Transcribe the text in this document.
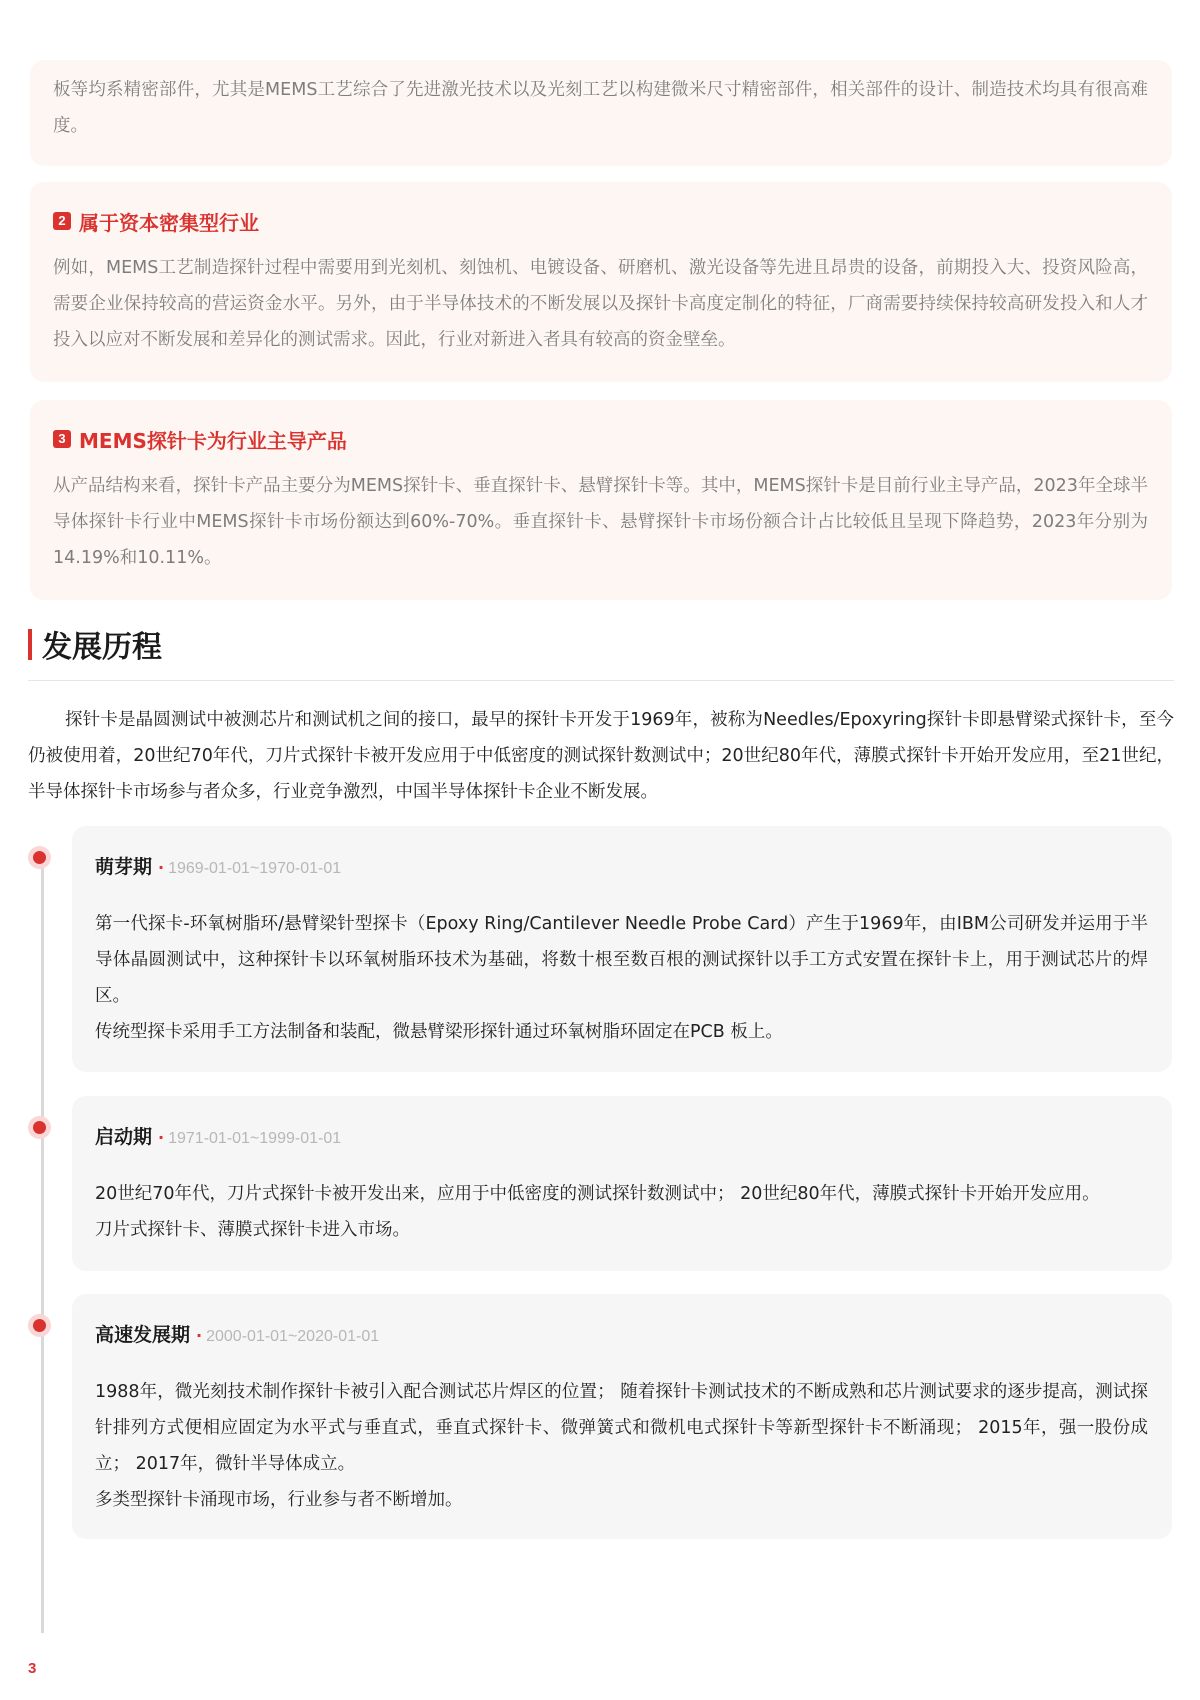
板等均系精密部件，尤其是MEMS工艺综合了先进激光技术以及光刻工艺以构建微米尺寸精密部件，相关部件的设计、制造技术均具有很高难度。
2 属于资本密集型行业
例如，MEMS工艺制造探针过程中需要用到光刻机、刻蚀机、电镀设备、研磨机、激光设备等先进且昂贵的设备，前期投入大、投资风险高，需要企业保持较高的营运资金水平。另外，由于半导体技术的不断发展以及探针卡高度定制化的特征，厂商需要持续保持较高研发投入和人才投入以应对不断发展和差异化的测试需求。因此，行业对新进入者具有较高的资金壁垒。
3 MEMS探针卡为行业主导产品
从产品结构来看，探针卡产品主要分为MEMS探针卡、垂直探针卡、悬臂探针卡等。其中，MEMS探针卡是目前行业主导产品，2023年全球半导体探针卡行业中MEMS探针卡市场份额达到60%-70%。垂直探针卡、悬臂探针卡市场份额合计占比较低且呈现下降趋势，2023年分别为14.19%和10.11%。
发展历程
探针卡是晶圆测试中被测芯片和测试机之间的接口，最早的探针卡开发于1969年，被称为Needles/Epoxyring探针卡即悬臂梁式探针卡，至今仍被使用着，20世纪70年代，刀片式探针卡被开发应用于中低密度的测试探针数测试中；20世纪80年代，薄膜式探针卡开始开发应用，至21世纪，半导体探针卡市场参与者众多，行业竞争激烈，中国半导体探针卡企业不断发展。
萌芽期 · 1969-01-01~1970-01-01

第一代探卡-环氧树脂环/悬臂梁针型探卡（Epoxy Ring/Cantilever Needle Probe Card）产生于1969年，由IBM公司研发并运用于半导体晶圆测试中，这种探针卡以环氧树脂环技术为基础，将数十根至数百根的测试探针以手工方式安置在探针卡上，用于测试芯片的焊区。

传统型探卡采用手工方法制备和装配，微悬臂梁形探针通过环氧树脂环固定在PCB 板上。

启动期 · 1971-01-01~1999-01-01

20世纪70年代，刀片式探针卡被开发出来，应用于中低密度的测试探针数测试中； 20世纪80年代，薄膜式探针卡开始开发应用。

刀片式探针卡、薄膜式探针卡进入市场。

高速发展期 · 2000-01-01~2020-01-01

1988年，微光刻技术制作探针卡被引入配合测试芯片焊区的位置； 随着探针卡测试技术的不断成熟和芯片测试要求的逐步提高，测试探针排列方式便相应固定为水平式与垂直式，垂直式探针卡、微弹簧式和微机电式探针卡等新型探针卡不断涌现； 2015年，强一股份成立； 2017年，微针半导体成立。

多类型探针卡涌现市场，行业参与者不断增加。

3
